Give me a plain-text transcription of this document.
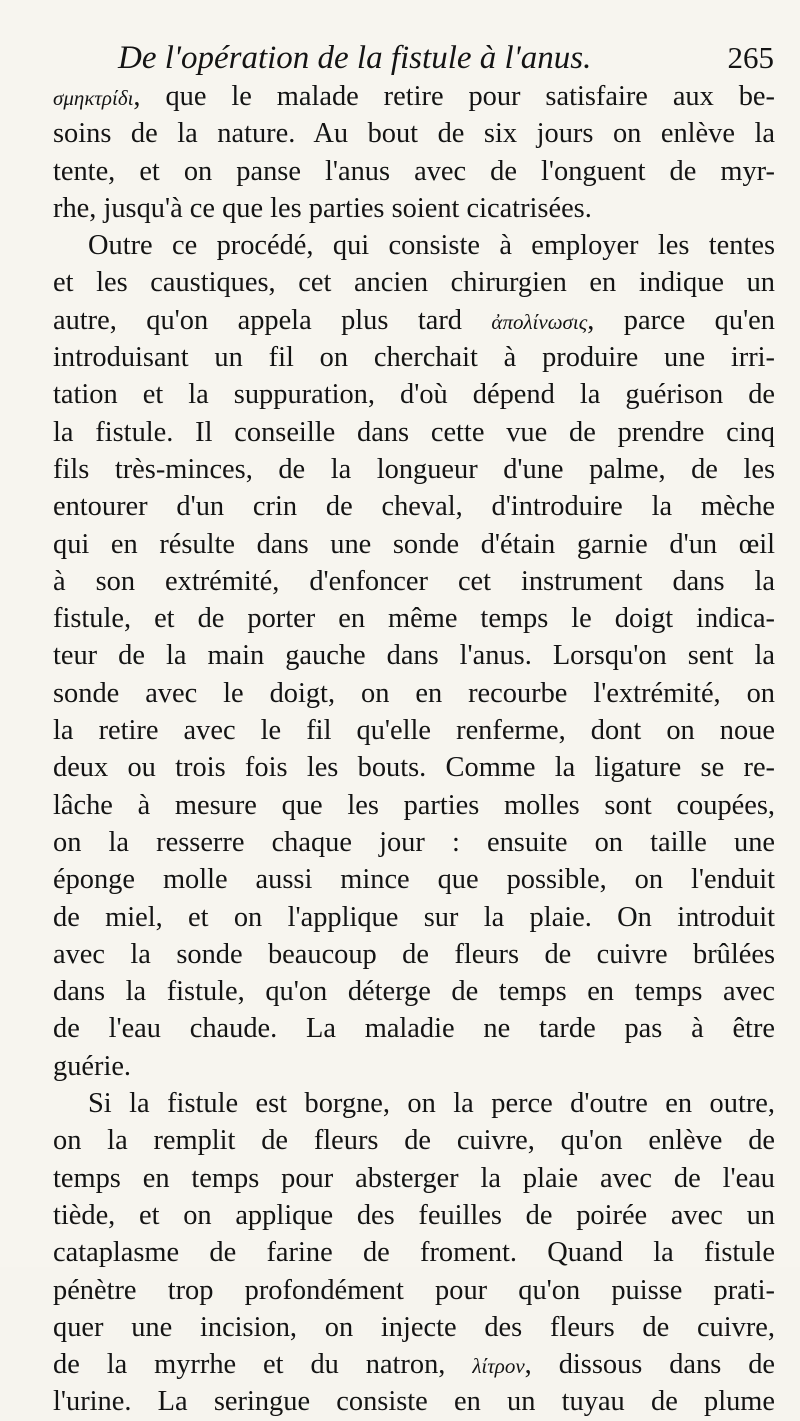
De l'opération de la fistule à l'anus.	265
σμηκτρίδι, que le malade retire pour satisfaire aux be-
soins de la nature. Au bout de six jours on enlève la
tente, et on panse l'anus avec de l'onguent de myr-
rhe, jusqu'à ce que les parties soient cicatrisées.
Outre ce procédé, qui consiste à employer les tentes
et les caustiques, cet ancien chirurgien en indique un
autre, qu'on appela plus tard ἀπολίνωσις, parce qu'en
introduisant un fil on cherchait à produire une irri-
tation et la suppuration, d'où dépend la guérison de
la fistule. Il conseille dans cette vue de prendre cinq
fils très-minces, de la longueur d'une palme, de les
entourer d'un crin de cheval, d'introduire la mèche
qui en résulte dans une sonde d'étain garnie d'un œil
à son extrémité, d'enfoncer cet instrument dans la
fistule, et de porter en même temps le doigt indica-
teur de la main gauche dans l'anus. Lorsqu'on sent la
sonde avec le doigt, on en recourbe l'extrémité, on
la retire avec le fil qu'elle renferme, dont on noue
deux ou trois fois les bouts. Comme la ligature se re-
lâche à mesure que les parties molles sont coupées,
on la resserre chaque jour : ensuite on taille une
éponge molle aussi mince que possible, on l'enduit
de miel, et on l'applique sur la plaie. On introduit
avec la sonde beaucoup de fleurs de cuivre brûlées
dans la fistule, qu'on déterge de temps en temps avec
de l'eau chaude. La maladie ne tarde pas à être
guérie.
Si la fistule est borgne, on la perce d'outre en outre,
on la remplit de fleurs de cuivre, qu'on enlève de
temps en temps pour absterger la plaie avec de l'eau
tiède, et on applique des feuilles de poirée avec un
cataplasme de farine de froment. Quand la fistule
pénètre trop profondément pour qu'on puisse prati-
quer une incision, on injecte des fleurs de cuivre,
de la myrrhe et du natron, λίτρον, dissous dans de
l'urine. La seringue consiste en un tuyau de plume
